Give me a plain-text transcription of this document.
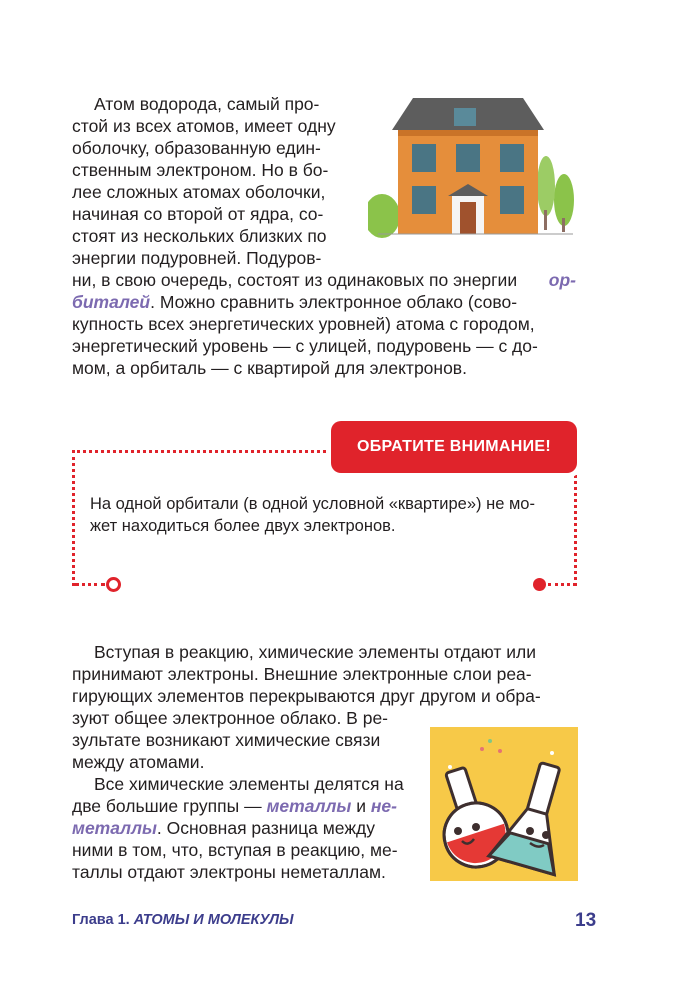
Атом водорода, самый про-
стой из всех атомов, имеет одну
оболочку, образованную един-
ственным электроном. Но в бо-
лее сложных атомах оболочки,
начиная со второй от ядра, со-
стоят из нескольких близких по
энергии подуровней. Подуров-
ни, в свою очередь, состоят из одинаковых по энергии ор-
биталей. Можно сравнить электронное облако (сово-
купность всех энергетических уровней) атома с городом,
энергетический уровень — с улицей, подуровень — с до-
мом, а орбиталь — с квартирой для электронов.
ОБРАТИТЕ ВНИМАНИЕ!
На одной орбитали (в одной условной «квартире») не мо-
жет находиться более двух электронов.
Вступая в реакцию, химические элементы отдают или
принимают электроны. Внешние электронные слои реа-
гирующих элементов перекрываются друг другом и обра-
зуют общее электронное облако. В ре-
зультате возникают химические связи
между атомами.
Все химические элементы делятся на
две большие группы — металлы и не-
металлы. Основная разница между
ними в том, что, вступая в реакцию, ме-
таллы отдают электроны неметаллам.
Глава 1. АТОМЫ И МОЛЕКУЛЫ	13
